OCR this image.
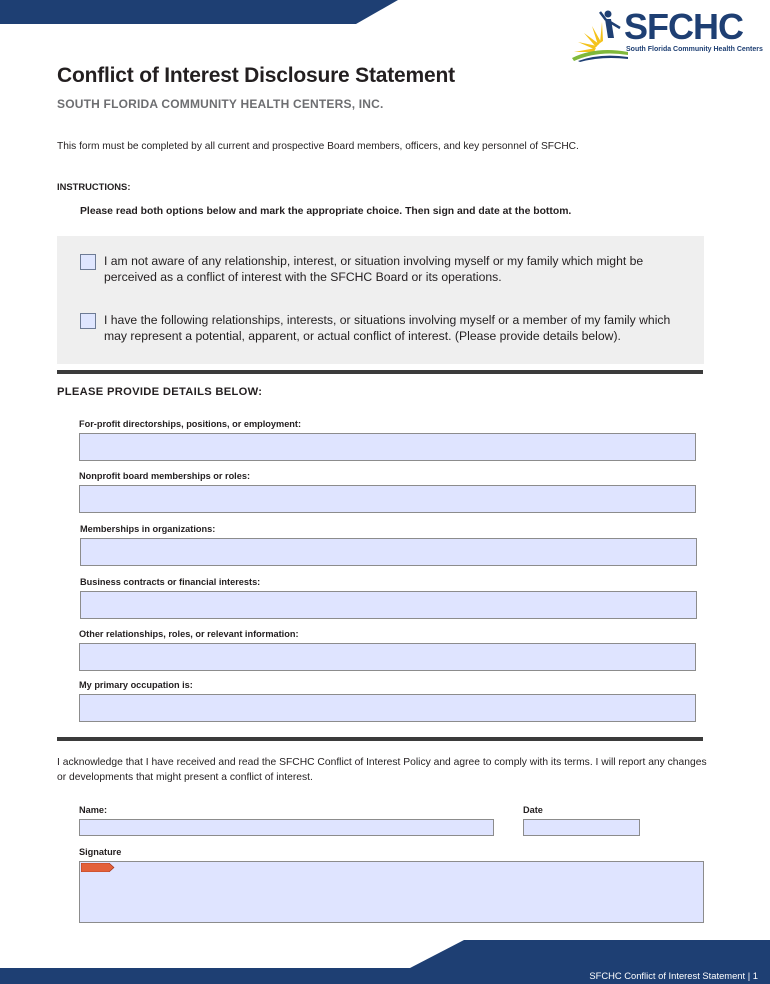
SFCHC
South Florida Community Health Centers
Conflict of Interest Disclosure Statement
SOUTH FLORIDA COMMUNITY HEALTH CENTERS, INC.
This form must be completed by all current and prospective Board members, officers, and key personnel of SFCHC.
INSTRUCTIONS:
Please read both options below and mark the appropriate choice. Then sign and date at the bottom.
I am not aware of any relationship, interest, or situation involving myself or my family which might be perceived as a conflict of interest with the SFCHC Board or its operations.
I have the following relationships, interests, or situations involving myself or a member of my family which may represent a potential, apparent, or actual conflict of interest. (Please provide details below).
PLEASE PROVIDE DETAILS BELOW:
For-profit directorships, positions, or employment:
Nonprofit board memberships or roles:
Memberships in organizations:
Business contracts or financial interests:
Other relationships, roles, or relevant information:
My primary occupation is:
I acknowledge that I have received and read the SFCHC Conflict of Interest Policy and agree to comply with its terms. I will report any changes or developments that might present a conflict of interest.
Name:	Date
Signature
SFCHC Conflict of Interest Statement | 1
